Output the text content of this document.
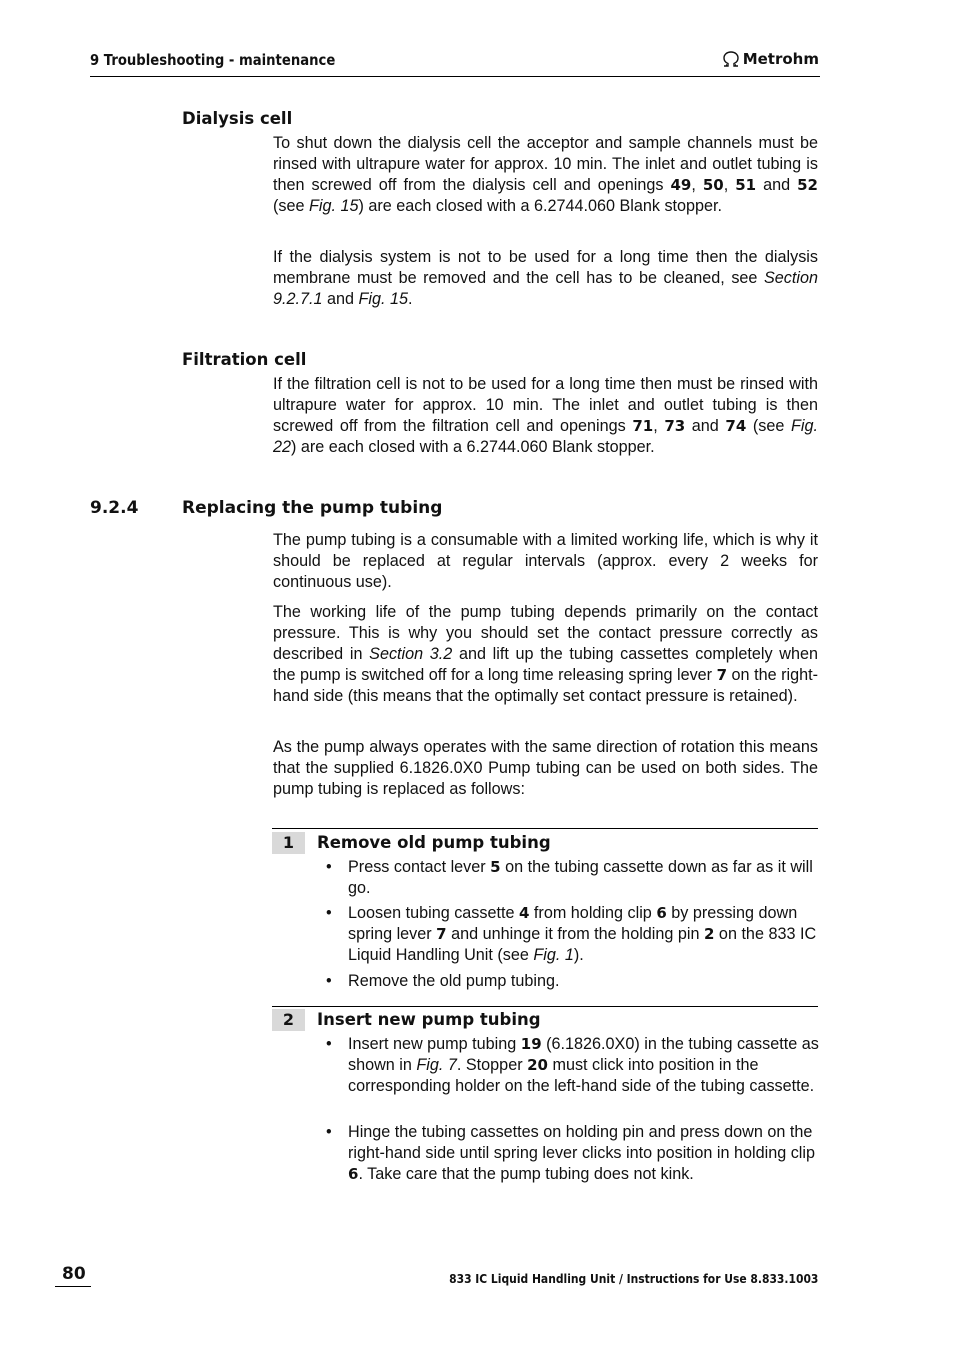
9 Troubleshooting - maintenance	Metrohm
Dialysis cell

To shut down the dialysis cell the acceptor and sample channels must be rinsed with ultrapure water for approx. 10 min. The inlet and outlet tubing is then screwed off from the dialysis cell and openings 49, 50, 51 and 52 (see Fig. 15) are each closed with a 6.2744.060 Blank stopper.

If the dialysis system is not to be used for a long time then the dialysis membrane must be removed and the cell has to be cleaned, see Section 9.2.7.1 and Fig. 15.

Filtration cell

If the filtration cell is not to be used for a long time then must be rinsed with ultrapure water for approx. 10 min. The inlet and outlet tubing is then screwed off from the filtration cell and openings 71, 73 and 74 (see Fig. 22) are each closed with a 6.2744.060 Blank stopper.

9.2.4	Replacing the pump tubing

The pump tubing is a consumable with a limited working life, which is why it should be replaced at regular intervals (approx. every 2 weeks for continuous use).

The working life of the pump tubing depends primarily on the contact pressure. This is why you should set the contact pressure correctly as described in Section 3.2 and lift up the tubing cassettes completely when the pump is switched off for a long time releasing spring lever 7 on the right-hand side (this means that the optimally set contact pressure is retained).

As the pump always operates with the same direction of rotation this means that the supplied 6.1826.0X0 Pump tubing can be used on both sides. The pump tubing is replaced as follows:

1	Remove old pump tubing
• Press contact lever 5 on the tubing cassette down as far as it will go.

• Loosen tubing cassette 4 from holding clip 6 by pressing down spring lever 7 and unhinge it from the holding pin 2 on the 833 IC Liquid Handling Unit (see Fig. 1).

• Remove the old pump tubing.

2	Insert new pump tubing
• Insert new pump tubing 19 (6.1826.0X0) in the tubing cassette as shown in Fig. 7. Stopper 20 must click into position in the corresponding holder on the left-hand side of the tubing cassette.

• Hinge the tubing cassettes on holding pin and press down on the right-hand side until spring lever clicks into position in holding clip 6. Take care that the pump tubing does not kink.

80	833 IC Liquid Handling Unit / Instructions for Use 8.833.1003
